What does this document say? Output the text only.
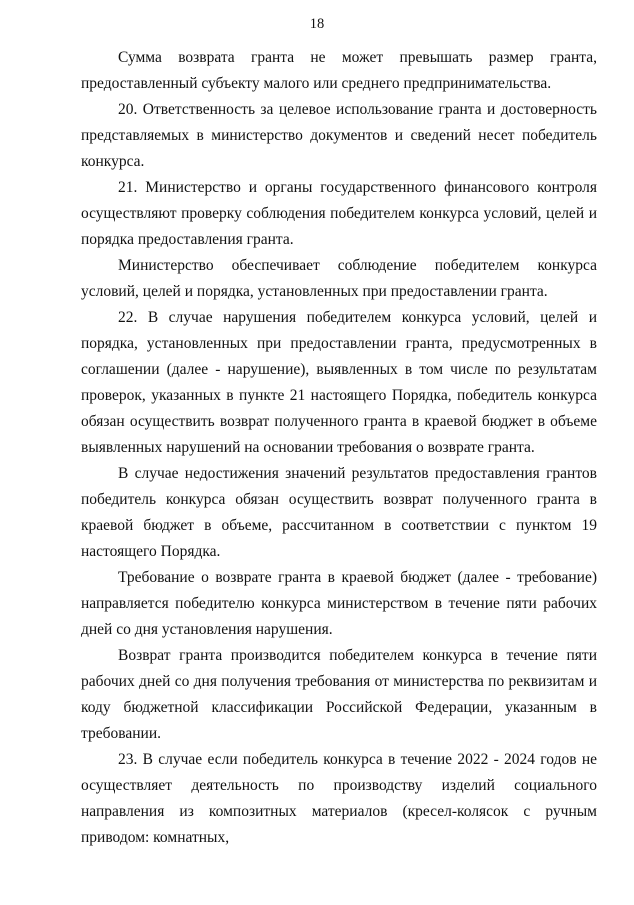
18

Сумма возврата гранта не может превышать размер гранта, предоставленный субъекту малого или среднего предпринимательства.

20. Ответственность за целевое использование гранта и достоверность представляемых в министерство документов и сведений несет победитель конкурса.

21. Министерство и органы государственного финансового контроля осуществляют проверку соблюдения победителем конкурса условий, целей и порядка предоставления гранта.

Министерство обеспечивает соблюдение победителем конкурса условий, целей и порядка, установленных при предоставлении гранта.

22. В случае нарушения победителем конкурса условий, целей и порядка, установленных при предоставлении гранта, предусмотренных в соглашении (далее - нарушение), выявленных в том числе по результатам проверок, указанных в пункте 21 настоящего Порядка, победитель конкурса обязан осуществить возврат полученного гранта в краевой бюджет в объеме выявленных нарушений на основании требования о возврате гранта.

В случае недостижения значений результатов предоставления грантов победитель конкурса обязан осуществить возврат полученного гранта в краевой бюджет в объеме, рассчитанном в соответствии с пунктом 19 настоящего Порядка.

Требование о возврате гранта в краевой бюджет (далее - требование) направляется победителю конкурса министерством в течение пяти рабочих дней со дня установления нарушения.

Возврат гранта производится победителем конкурса в течение пяти рабочих дней со дня получения требования от министерства по реквизитам и коду бюджетной классификации Российской Федерации, указанным в требовании.

23. В случае если победитель конкурса в течение 2022 - 2024 годов не осуществляет деятельность по производству изделий социального направления из композитных материалов (кресел-колясок с ручным приводом: комнатных,
